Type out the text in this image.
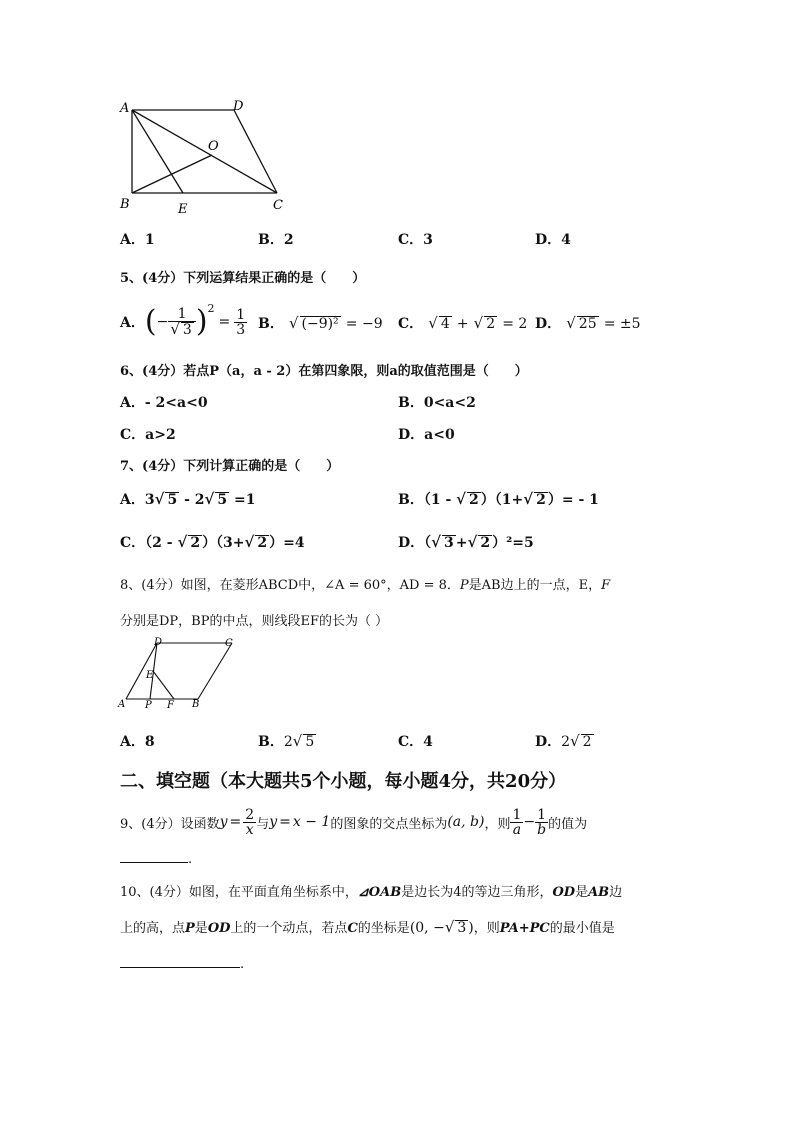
A	D
O
B	E	C
A．1	B．2	C．3	D．4
5、(4分）下列运算结果正确的是（　　）
A． ( − $\frac{1}{√ 3}$ ) 2
= $\frac{1}{3}$ B． √ (−9)² = −9 C． √ 4 + √ 2 = 2 D． √ 25 = ±5
6、(4分）若点P（a，a - 2）在第四象限，则a的取值范围是（　　）
A．- 2<a<0	B．0<a<2
C．a>2	D．a<0
7、(4分）下列计算正确的是（　　）
A．3√ 5 - 2√ 5 =1	B．（1 - √ 2 ）（1+√ 2 ）= - 1
C．（2 - √ 2 ）（3+√ 2 ）=4	D．（√ 3 +√ 2 ）²=5
8、(4分）如图，在菱形ABCD中，∠A = 60°，AD = 8．P是AB边上的一点，E，F
分别是DP，BP的中点，则线段EF的长为（ ）
D	C
E
A P F B
A．8	B．2√ 5	C．4	D．2√ 2
二、填空题（本大题共5个小题，每小题4分，共20分）
9、(4分）设函数 $y = \frac{2}{x}$ 与 y = x − 1 的图象的交点坐标为 (a, b) ，则 $\frac{1}{a} - \frac{1}{b}$ 的值为
.
10、(4分）如图，在平面直角坐标系中，⊿OAB是边长为4的等边三角形，OD是AB边
上的高，点P是OD上的一个动点，若点C的坐标是(0, −√ 3 )，则PA+PC的最小值是
.
